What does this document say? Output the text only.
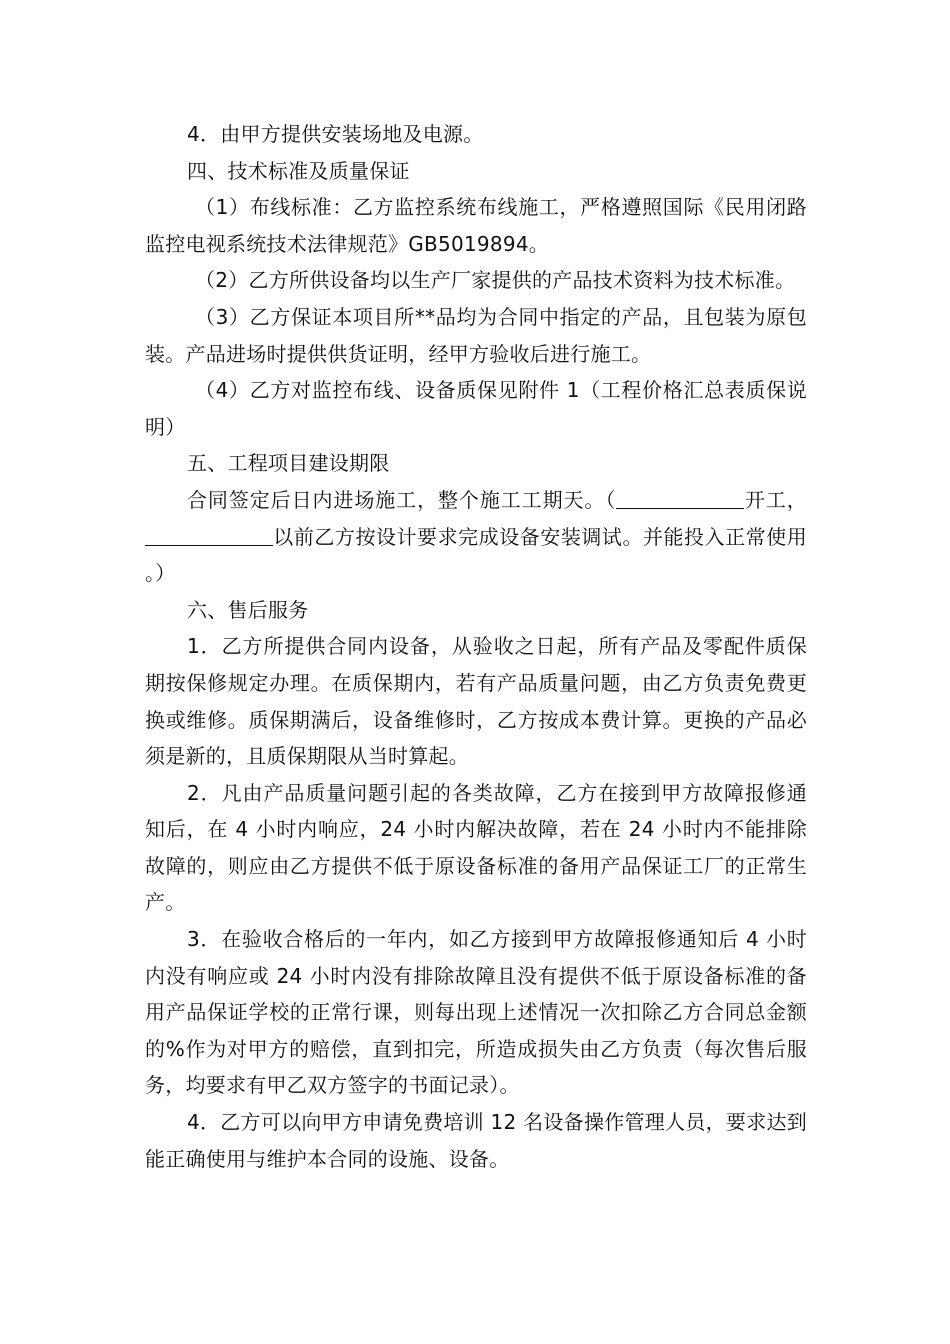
4．由甲方提供安装场地及电源。

四、技术标准及质量保证

（1）布线标准：乙方监控系统布线施工，严格遵照国际《民用闭路监控电视系统技术法律规范》GB5019894。

（2）乙方所供设备均以生产厂家提供的产品技术资料为技术标准。

（3）乙方保证本项目所**品均为合同中指定的产品，且包装为原包装。产品进场时提供供货证明，经甲方验收后进行施工。

（4）乙方对监控布线、设备质保见附件 1（工程价格汇总表质保说明）

五、工程项目建设期限

合同签定后日内进场施工，整个施工工期天。（	开工，以前乙方按设计要求完成设备安装调试。并能投入正常使用。）

六、售后服务

1．乙方所提供合同内设备，从验收之日起，所有产品及零配件质保期按保修规定办理。在质保期内，若有产品质量问题，由乙方负责免费更换或维修。质保期满后，设备维修时，乙方按成本费计算。更换的产品必须是新的，且质保期限从当时算起。

2．凡由产品质量问题引起的各类故障，乙方在接到甲方故障报修通知后，在 4 小时内响应，24 小时内解决故障，若在 24 小时内不能排除故障的，则应由乙方提供不低于原设备标准的备用产品保证工厂的正常生产。

3．在验收合格后的一年内，如乙方接到甲方故障报修通知后 4 小时内没有响应或 24 小时内没有排除故障且没有提供不低于原设备标准的备用产品保证学校的正常行课，则每出现上述情况一次扣除乙方合同总金额的%作为对甲方的赔偿，直到扣完，所造成损失由乙方负责（每次售后服务，均要求有甲乙双方签字的书面记录）。

4．乙方可以向甲方申请免费培训 12 名设备操作管理人员，要求达到能正确使用与维护本合同的设施、设备。
